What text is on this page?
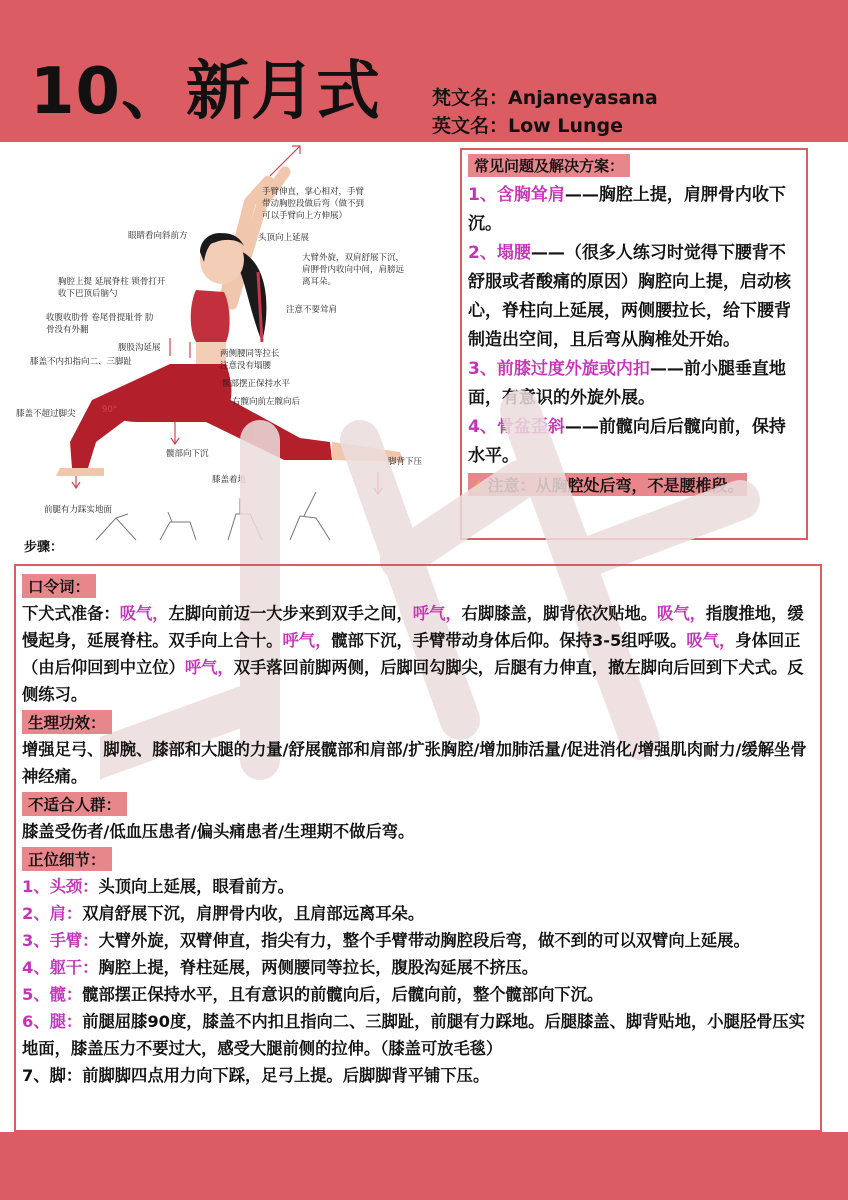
10、新月式	梵文名：Anjaneyasana
英文名：Low Lunge
手臂伸直，掌心相对，手臂
带动胸腔段做后弯（做不到
可以手臂向上方伸展）
眼睛看向斜前方	头顶向上延展
大臂外旋，双肩舒展下沉，
肩胛骨内收向中间，肩膀远
离耳朵。
胸腔上提 延展脊柱 锁骨打开
收下巴顶后脑勺
注意不要耸肩
收腹收肋骨 卷尾骨提耻骨 肋
骨没有外翻
腹股沟延展
两侧腰同等拉长
注意没有塌腰
膝盖不内扣指向二、三脚趾
髋部摆正保持水平
右髋向前左髋向后
膝盖不超过脚尖	90°
髋部向下沉
脚背下压
膝盖着地
前腿有力踩实地面
步骤：
常见问题及解决方案：
1、含胸耸肩——胸腔上提，肩胛骨内收下沉。
2、塌腰——（很多人练习时觉得下腰背不舒服或者酸痛的原因）胸腔向上提，启动核心，脊柱向上延展，两侧腰拉长，给下腰背制造出空间，且后弯从胸椎处开始。
3、前膝过度外旋或内扣——前小腿垂直地面，有意识的外旋外展。
4、骨盆歪斜——前髋向后后髋向前，保持水平。
⚠ 注意：从胸腔处后弯，不是腰椎段。
口令词：
下犬式准备：吸气，左脚向前迈一大步来到双手之间，呼气，右脚膝盖，脚背依次贴地。吸气，指腹推地，缓慢起身，延展脊柱。双手向上合十。呼气，髋部下沉，手臂带动身体后仰。保持3-5组呼吸。吸气，身体回正（由后仰回到中立位）呼气，双手落回前脚两侧，后脚回勾脚尖，后腿有力伸直，撤左脚向后回到下犬式。反侧练习。
生理功效：
增强足弓、脚腕、膝部和大腿的力量/舒展髋部和肩部/扩张胸腔/增加肺活量/促进消化/增强肌肉耐力/缓解坐骨神经痛。
不适合人群：
膝盖受伤者/低血压患者/偏头痛患者/生理期不做后弯。
正位细节：
1、头颈：头顶向上延展，眼看前方。
2、肩：双肩舒展下沉，肩胛骨内收，且肩部远离耳朵。
3、手臂：大臂外旋，双臂伸直，指尖有力，整个手臂带动胸腔段后弯，做不到的可以双臂向上延展。
4、躯干：胸腔上提，脊柱延展，两侧腰同等拉长，腹股沟延展不挤压。
5、髋：髋部摆正保持水平，且有意识的前髋向后，后髋向前，整个髋部向下沉。
6、腿：前腿屈膝90度，膝盖不内扣且指向二、三脚趾，前腿有力踩地。后腿膝盖、脚背贴地，小腿胫骨压实地面，膝盖压力不要过大，感受大腿前侧的拉伸。（膝盖可放毛毯）
7、脚：前脚脚四点用力向下踩，足弓上提。后脚脚背平铺下压。
